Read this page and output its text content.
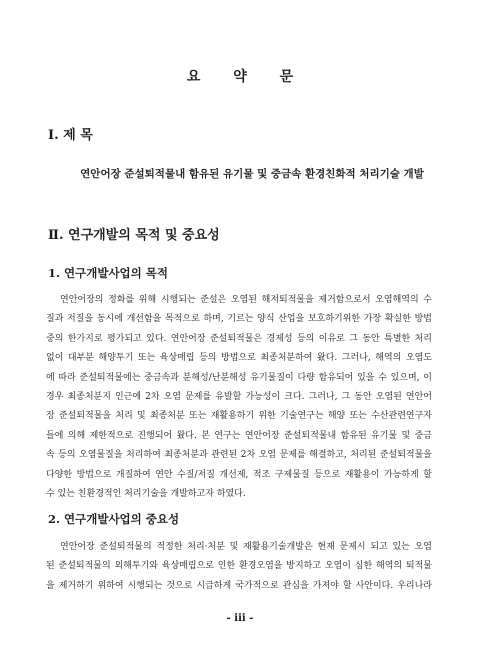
요 약 문
Ⅰ. 제 목
연안어장 준설퇴적물내 함유된 유기물 및 중금속 환경친화적 처리기술 개발
Ⅱ. 연구개발의 목적 및 중요성
1. 연구개발사업의 목적
연안어장의 정화를 위해 시행되는 준설은 오염된 해저퇴적물을 제거함으로서 오염해역의 수
질과 저질을 동시에 개선함을 목적으로 하며, 기르는 양식 산업을 보호하기위한 가장 확실한 방법
중의 한가지로 평가되고 있다. 연안어장 준설퇴적물은 경제성 등의 이유로 그 동안 특별한 처리
없이 대부분 해양투기 또는 육상매립 등의 방법으로 최종처분하여 왔다. 그러나, 해역의 오염도
에 따라 준설퇴적물에는 중금속과 분해성/난분해성 유기물질이 다량 함유되어 있을 수 있으며, 이
경우 최종처분지 인근에 2차 오염 문제를 유발할 가능성이 크다. 그러나, 그 동안 오염된 연안어
장 준설퇴적물을 처리 및 최종처분 또는 재활용하기 위한 기술연구는 해양 또는 수산관련연구자
들에 의해 제한적으로 진행되어 왔다. 본 연구는 연안어장 준설퇴적물내 함유된 유기물 및 중금
속 등의 오염물질을 처리하여 최종처분과 관련된 2차 오염 문제를 해결하고, 처리된 준설퇴적물을
다양한 방법으로 개질하여 연안 수질/저질 개선제, 적조 구제물질 등으로 재활용이 가능하게 할
수 있는 친환경적인 처리기술을 개발하고자 하였다.
2. 연구개발사업의 중요성
연안어장 준설퇴적물의 적정한 처리·처분 및 재활용기술개발은 현재 문제시 되고 있는 오염
된 준설퇴적물의 외해투기와 육상매립으로 인한 환경오염을 방지하고 오염이 심한 해역의 퇴적물
을 제거하기 위하여 시행되는 것으로 시급하게 국가적으로 관심을 가져야 할 사안이다. 우리나라
- iii -
